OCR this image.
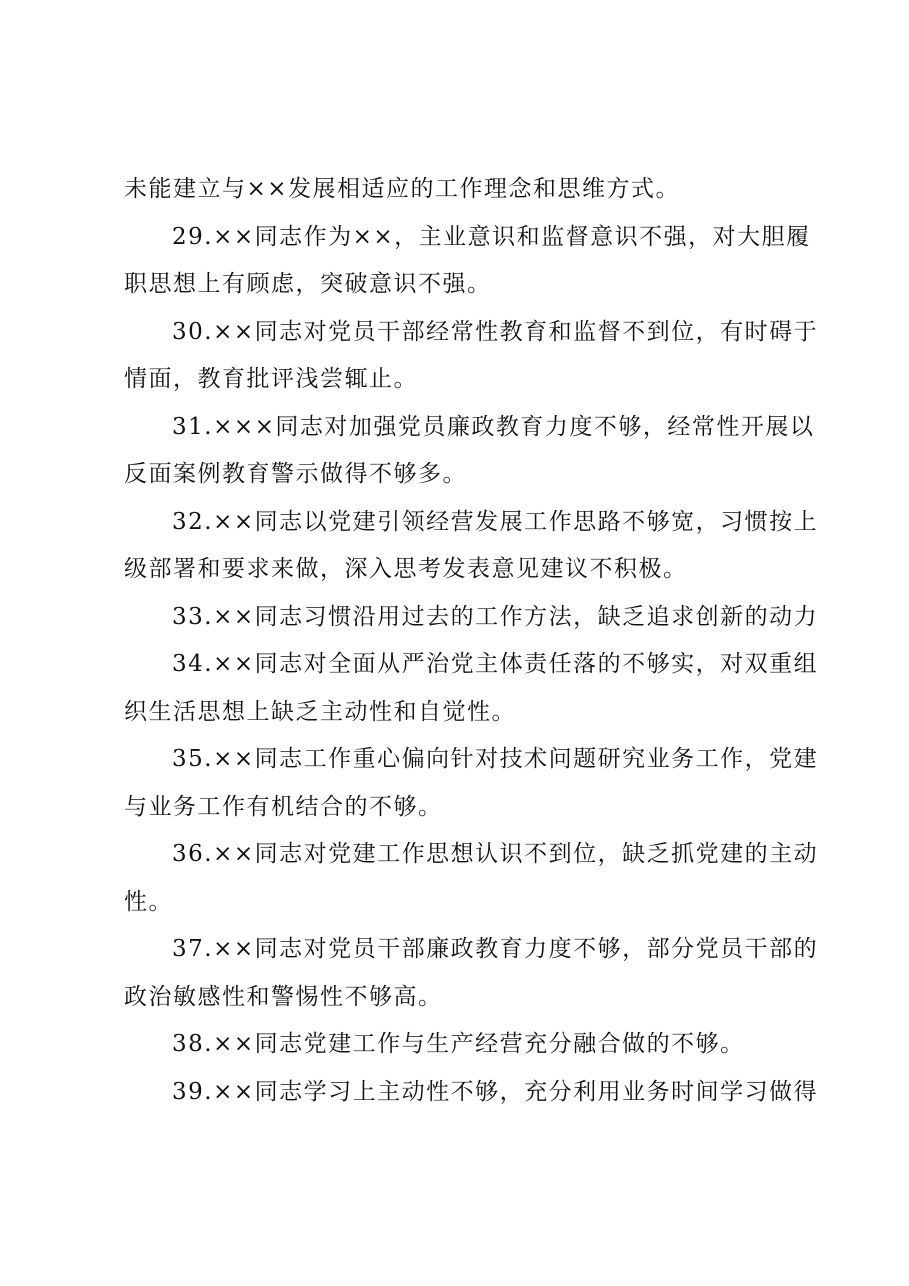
未能建立与××发展相适应的工作理念和思维方式。
29.××同志作为××，主业意识和监督意识不强，对大胆履
职思想上有顾虑，突破意识不强。
30.××同志对党员干部经常性教育和监督不到位，有时碍于
情面，教育批评浅尝辄止。
31.×××同志对加强党员廉政教育力度不够，经常性开展以
反面案例教育警示做得不够多。
32.××同志以党建引领经营发展工作思路不够宽，习惯按上
级部署和要求来做，深入思考发表意见建议不积极。
33.××同志习惯沿用过去的工作方法，缺乏追求创新的动力
34.××同志对全面从严治党主体责任落的不够实，对双重组
织生活思想上缺乏主动性和自觉性。
35.××同志工作重心偏向针对技术问题研究业务工作，党建
与业务工作有机结合的不够。
36.××同志对党建工作思想认识不到位，缺乏抓党建的主动
性。
37.××同志对党员干部廉政教育力度不够，部分党员干部的
政治敏感性和警惕性不够高。
38.××同志党建工作与生产经营充分融合做的不够。
39.××同志学习上主动性不够，充分利用业务时间学习做得
